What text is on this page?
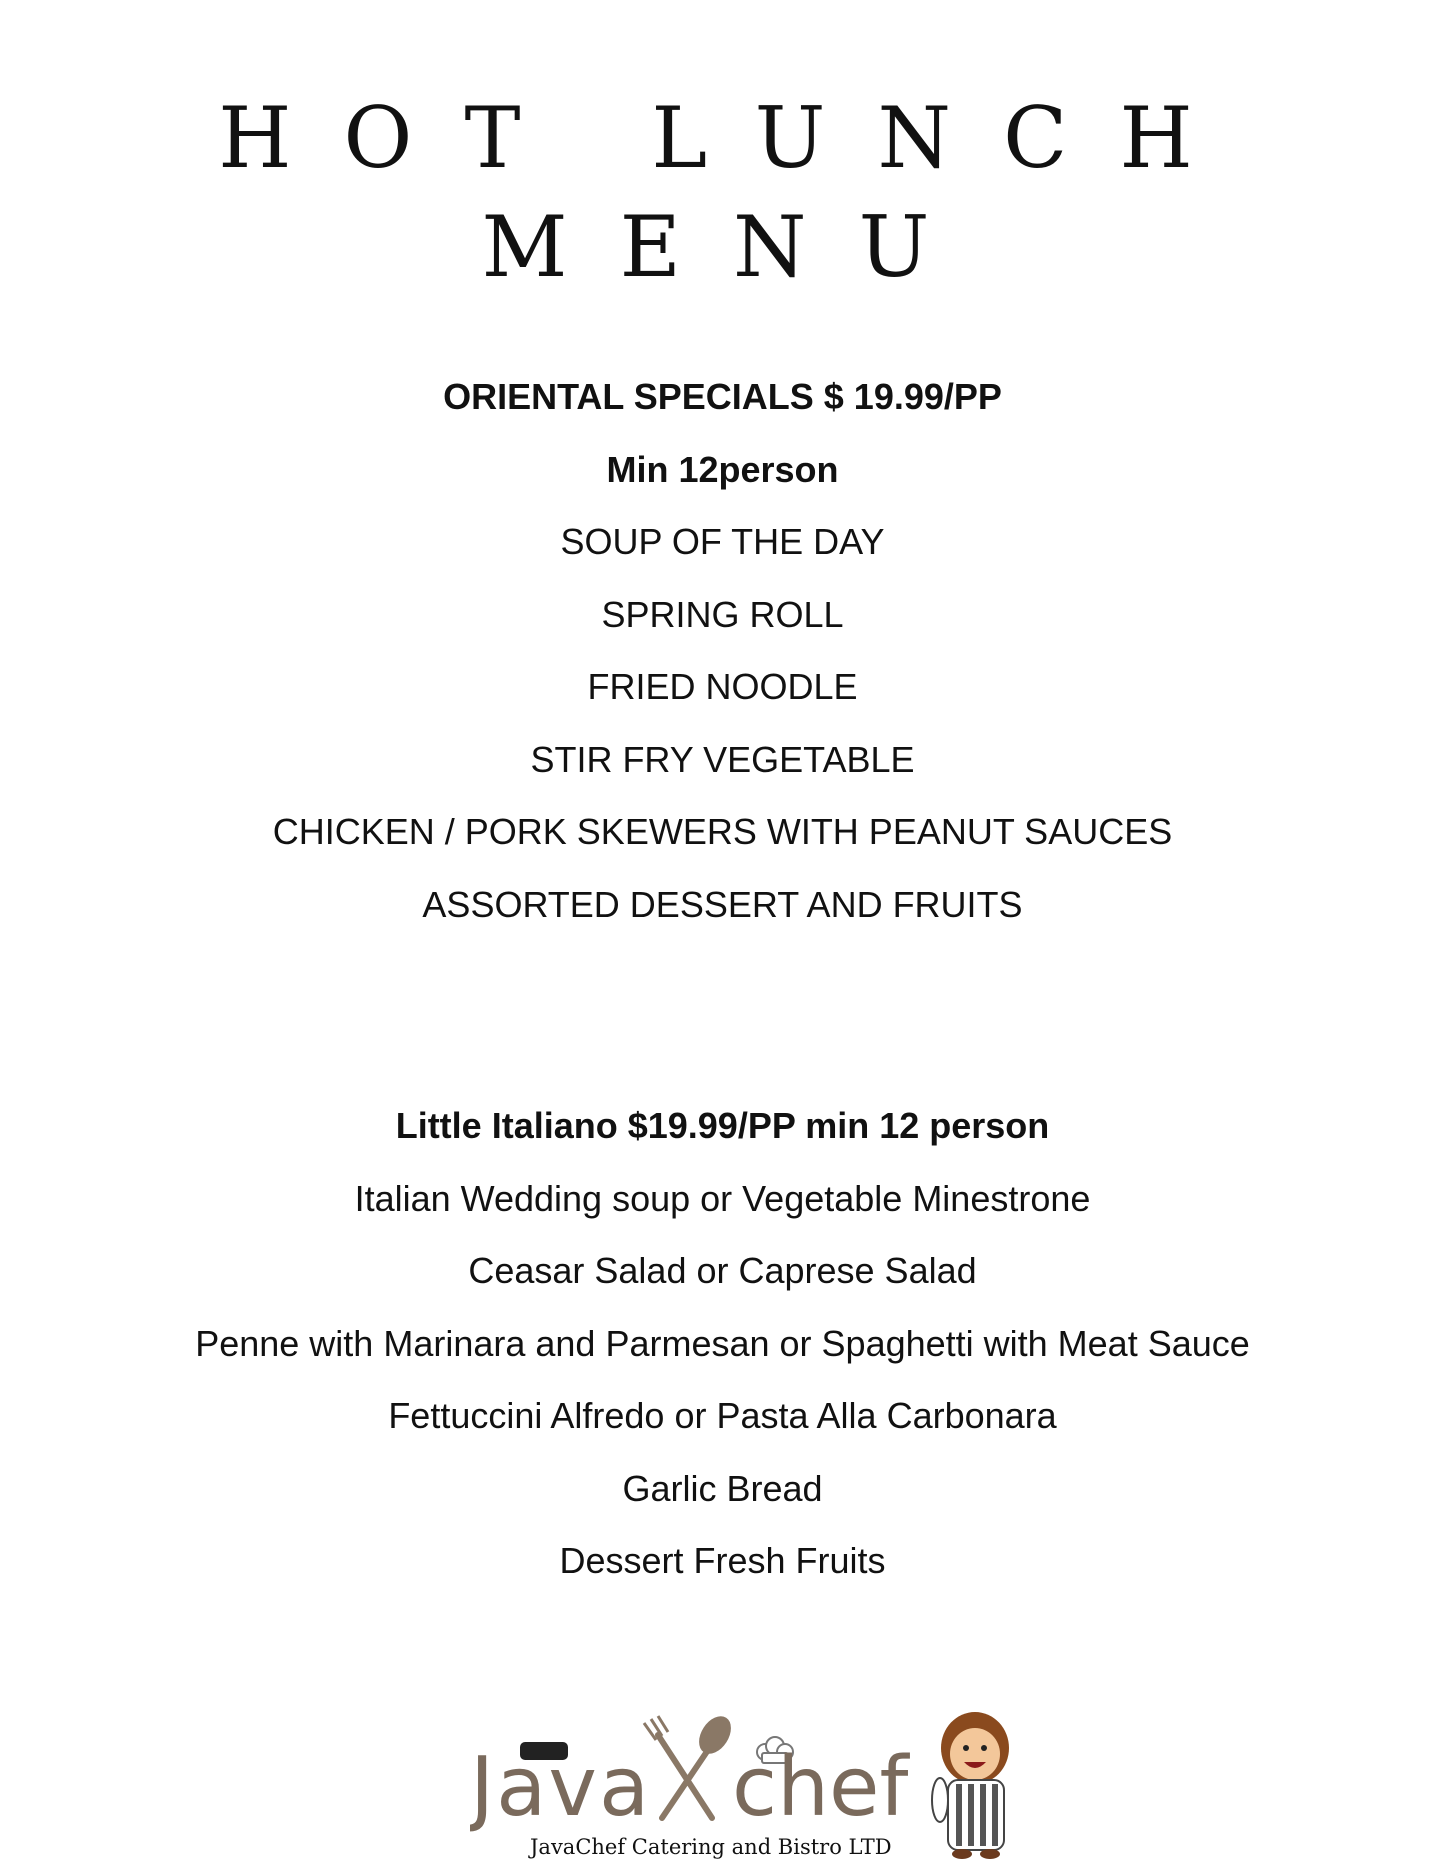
HOT LUNCH
MENU
ORIENTAL SPECIALS $ 19.99/PP
Min 12person
SOUP OF THE DAY
SPRING ROLL
FRIED NOODLE
STIR FRY VEGETABLE
CHICKEN / PORK SKEWERS WITH PEANUT SAUCES
ASSORTED DESSERT AND FRUITS
Little Italiano $19.99/PP min 12 person
Italian Wedding soup or Vegetable Minestrone
Ceasar Salad or Caprese Salad
Penne with Marinara and Parmesan or Spaghetti with Meat Sauce
Fettuccini Alfredo or Pasta Alla Carbonara
Garlic Bread
Dessert Fresh Fruits
Java chef
JavaChef Catering and Bistro LTD
